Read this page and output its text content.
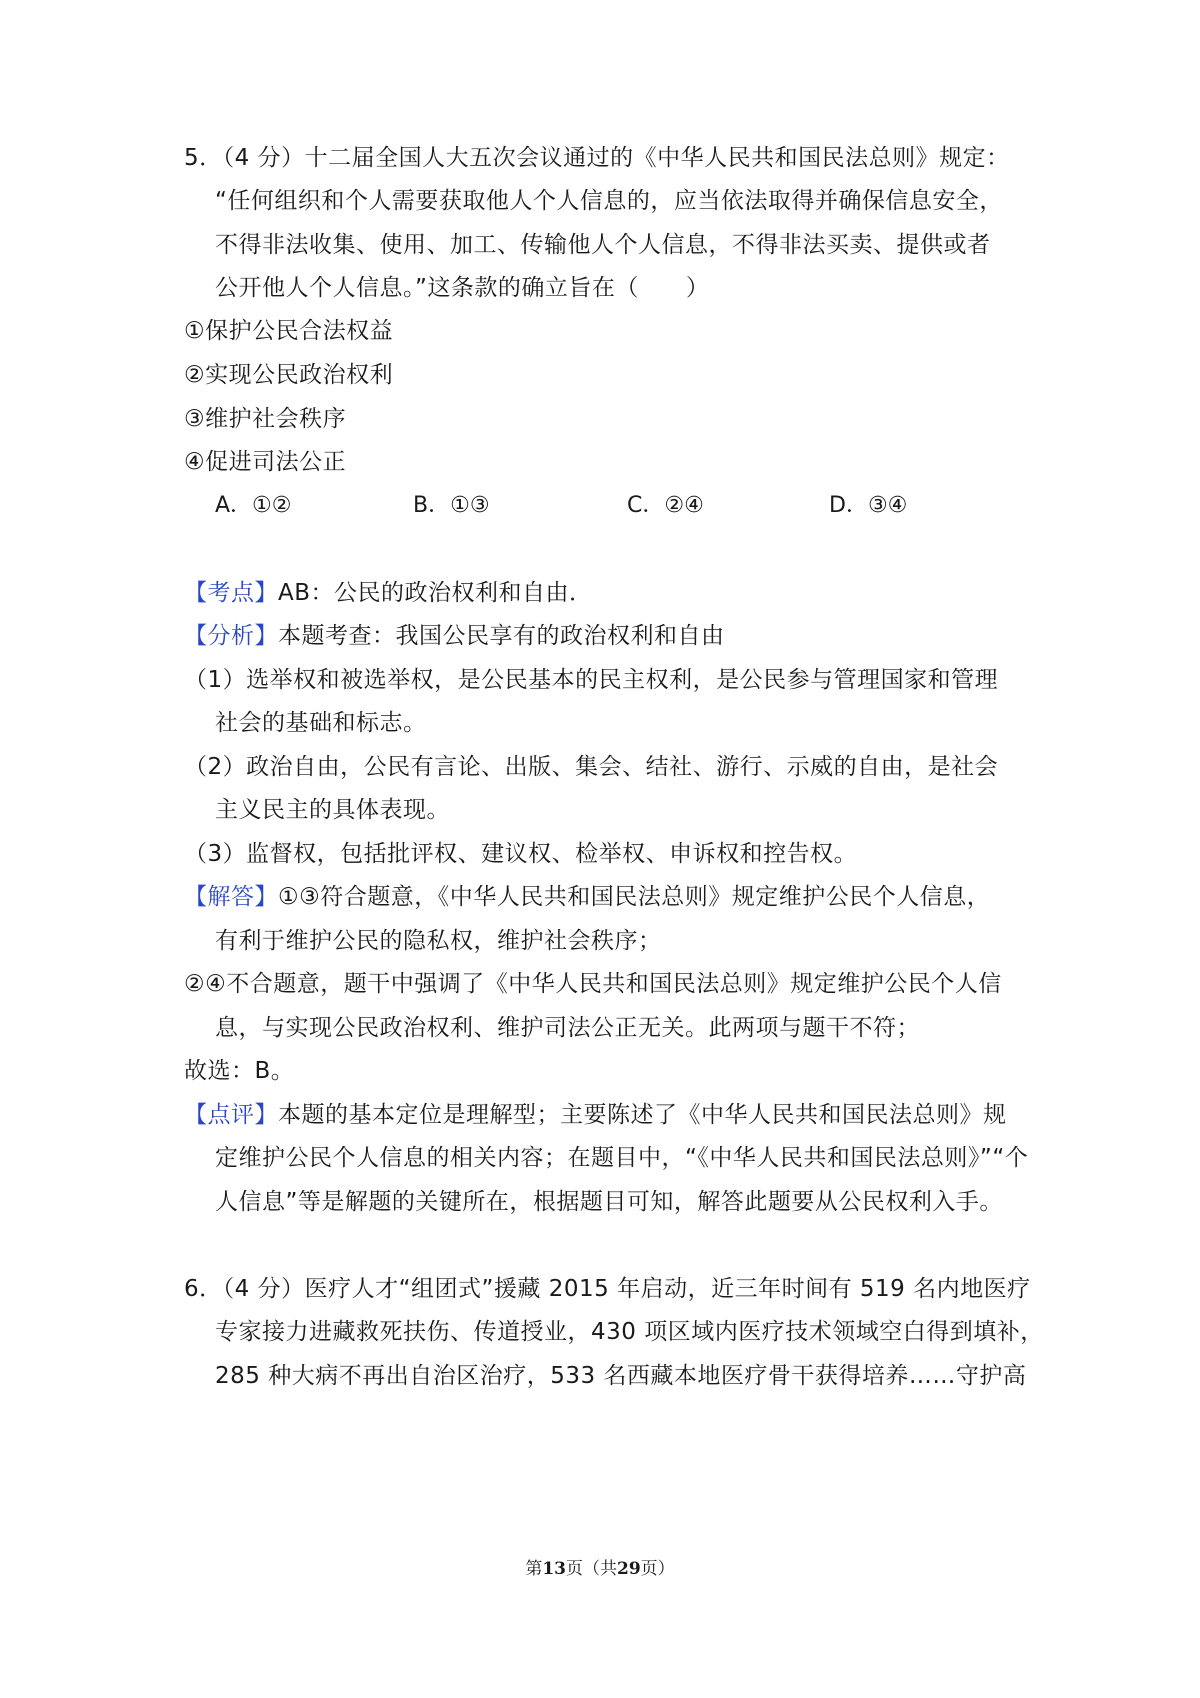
5．（4 分）十二届全国人大五次会议通过的《中华人民共和国民法总则》规定：
“任何组织和个人需要获取他人个人信息的，应当依法取得并确保信息安全，
不得非法收集、使用、加工、传输他人个人信息，不得非法买卖、提供或者
公开他人个人信息。”这条款的确立旨在（　　）
①保护公民合法权益
②实现公民政治权利
③维护社会秩序
④促进司法公正
A．①②	B．①③	C．②④	D．③④
【考点】AB：公民的政治权利和自由．
【分析】本题考查：我国公民享有的政治权利和自由
（1）选举权和被选举权，是公民基本的民主权利，是公民参与管理国家和管理
社会的基础和标志。
（2）政治自由，公民有言论、出版、集会、结社、游行、示威的自由，是社会
主义民主的具体表现。
（3）监督权，包括批评权、建议权、检举权、申诉权和控告权。
【解答】①③符合题意，《中华人民共和国民法总则》规定维护公民个人信息，
有利于维护公民的隐私权，维护社会秩序；
②④不合题意，题干中强调了《中华人民共和国民法总则》规定维护公民个人信
息，与实现公民政治权利、维护司法公正无关。此两项与题干不符；
故选：B。
【点评】本题的基本定位是理解型；主要陈述了《中华人民共和国民法总则》规
定维护公民个人信息的相关内容；在题目中，“《中华人民共和国民法总则》”“个
人信息”等是解题的关键所在，根据题目可知，解答此题要从公民权利入手。
6．（4 分）医疗人才“组团式”援藏 2015 年启动，近三年时间有 519 名内地医疗
专家接力进藏救死扶伤、传道授业，430 项区域内医疗技术领域空白得到填补，
285 种大病不再出自治区治疗，533 名西藏本地医疗骨干获得培养……守护高
第13页（共29页）
